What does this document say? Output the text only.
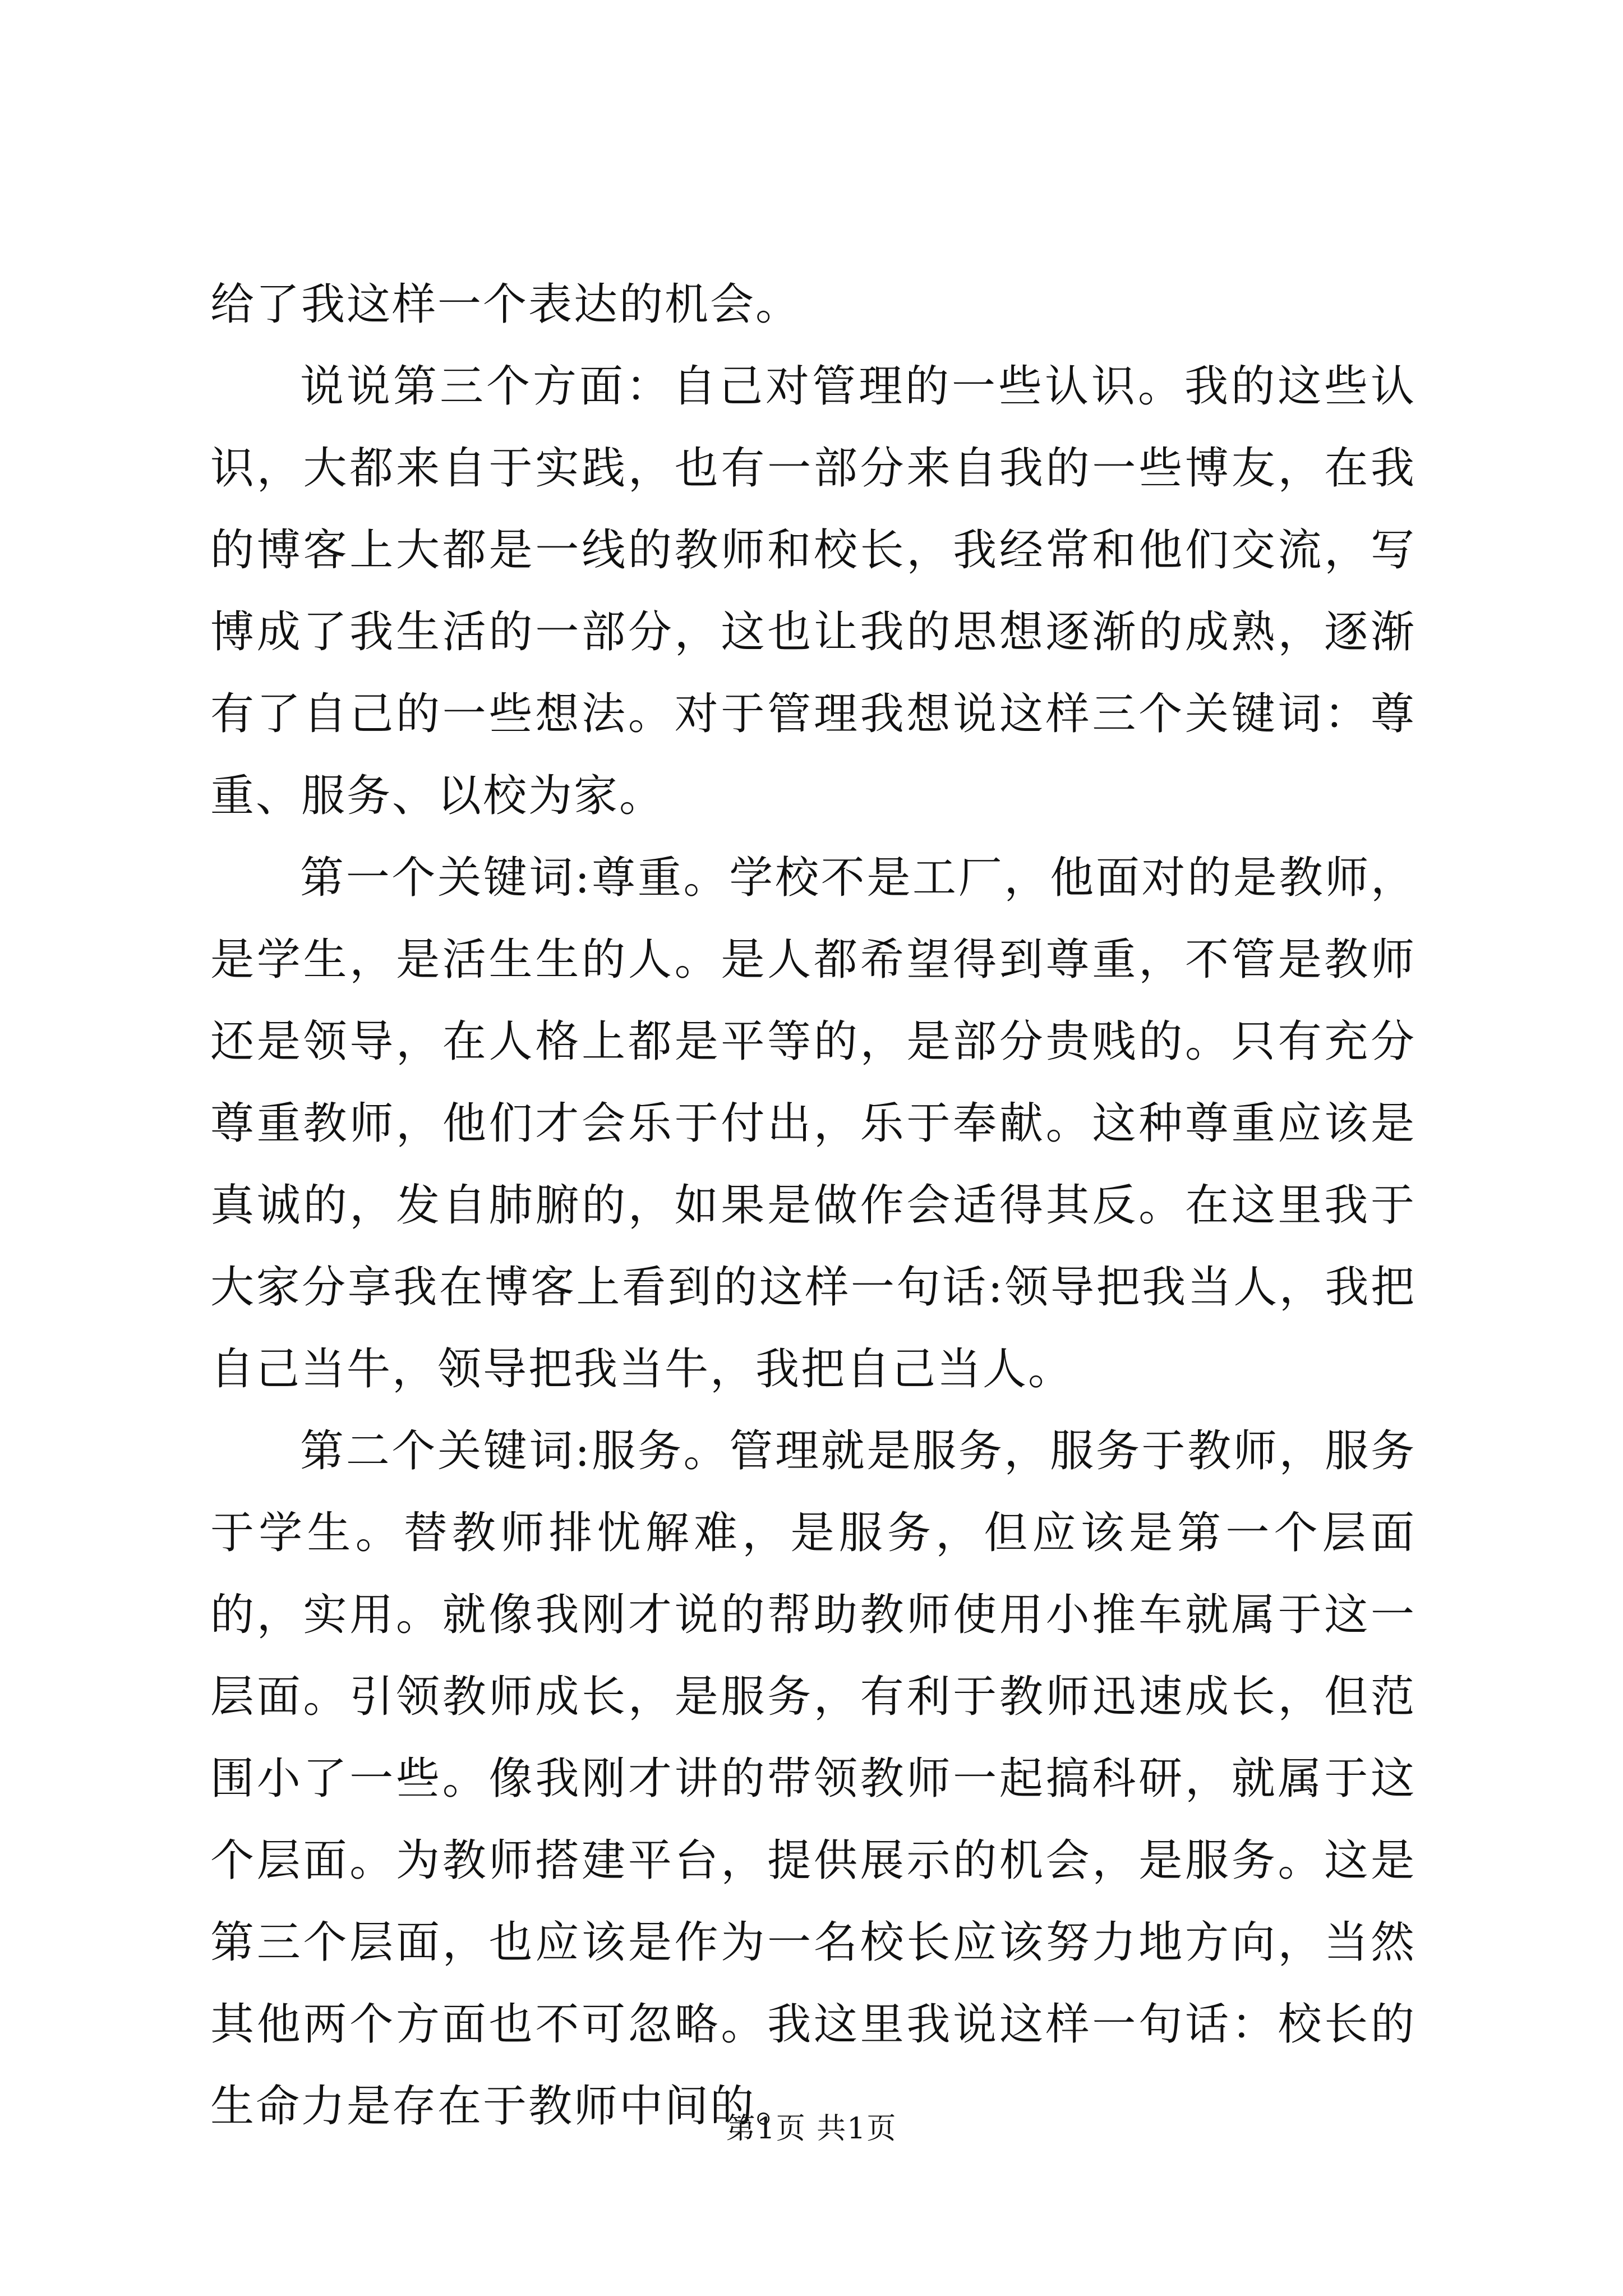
给了我这样一个表达的机会。

说说第三个方面：自己对管理的一些认识。我的这些认识，大都来自于实践，也有一部分来自我的一些博友，在我的博客上大都是一线的教师和校长，我经常和他们交流，写博成了我生活的一部分，这也让我的思想逐渐的成熟，逐渐有了自己的一些想法。对于管理我想说这样三个关键词：尊重、服务、以校为家。

第一个关键词:尊重。学校不是工厂，他面对的是教师，是学生，是活生生的人。是人都希望得到尊重，不管是教师还是领导，在人格上都是平等的，是部分贵贱的。只有充分尊重教师，他们才会乐于付出，乐于奉献。这种尊重应该是真诚的，发自肺腑的，如果是做作会适得其反。在这里我于大家分享我在博客上看到的这样一句话:领导把我当人，我把自己当牛，领导把我当牛，我把自己当人。

第二个关键词:服务。管理就是服务，服务于教师，服务于学生。替教师排忧解难，是服务，但应该是第一个层面的，实用。就像我刚才说的帮助教师使用小推车就属于这一层面。引领教师成长，是服务，有利于教师迅速成长，但范围小了一些。像我刚才讲的带领教师一起搞科研，就属于这个层面。为教师搭建平台，提供展示的机会，是服务。这是第三个层面，也应该是作为一名校长应该努力地方向，当然其他两个方面也不可忽略。我这里我说这样一句话：校长的生命力是存在于教师中间的。

第1页 共1页
